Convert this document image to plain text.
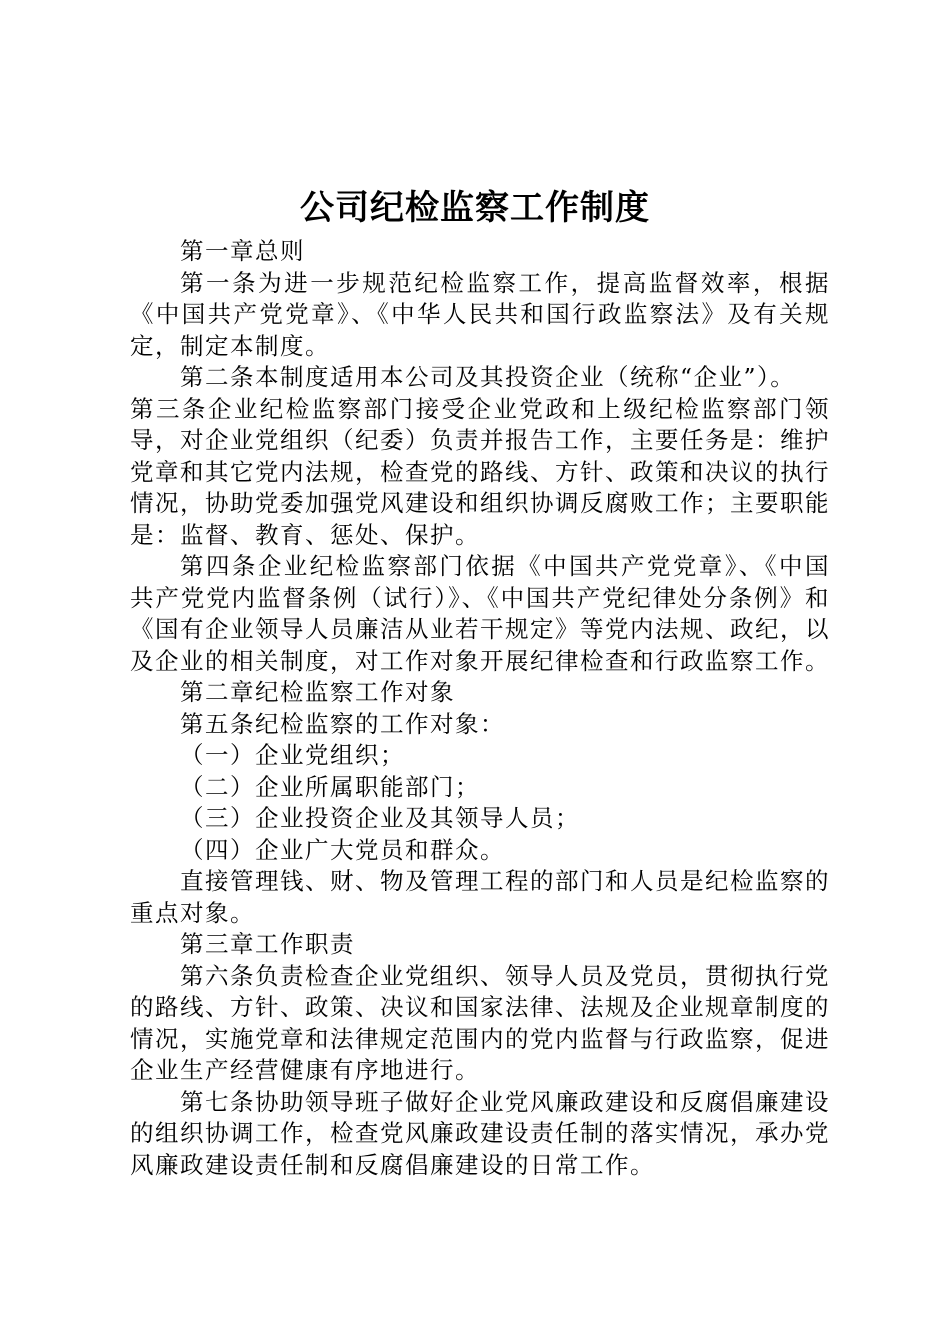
公司纪检监察工作制度

第一章总则

第一条为进一步规范纪检监察工作，提高监督效率，根据《中国共产党党章》、《中华人民共和国行政监察法》及有关规定，制定本制度。

第二条本制度适用本公司及其投资企业（统称“企业”）。

第三条企业纪检监察部门接受企业党政和上级纪检监察部门领导，对企业党组织（纪委）负责并报告工作，主要任务是：维护党章和其它党内法规，检查党的路线、方针、政策和决议的执行情况，协助党委加强党风建设和组织协调反腐败工作；主要职能是：监督、教育、惩处、保护。

第四条企业纪检监察部门依据《中国共产党党章》、《中国共产党党内监督条例（试行）》、《中国共产党纪律处分条例》和《国有企业领导人员廉洁从业若干规定》等党内法规、政纪，以及企业的相关制度，对工作对象开展纪律检查和行政监察工作。

第二章纪检监察工作对象

第五条纪检监察的工作对象：

（一）企业党组织；

（二）企业所属职能部门；

（三）企业投资企业及其领导人员；

（四）企业广大党员和群众。

直接管理钱、财、物及管理工程的部门和人员是纪检监察的重点对象。

第三章工作职责

第六条负责检查企业党组织、领导人员及党员，贯彻执行党的路线、方针、政策、决议和国家法律、法规及企业规章制度的情况，实施党章和法律规定范围内的党内监督与行政监察，促进企业生产经营健康有序地进行。

第七条协助领导班子做好企业党风廉政建设和反腐倡廉建设的组织协调工作，检查党风廉政建设责任制的落实情况，承办党风廉政建设责任制和反腐倡廉建设的日常工作。
